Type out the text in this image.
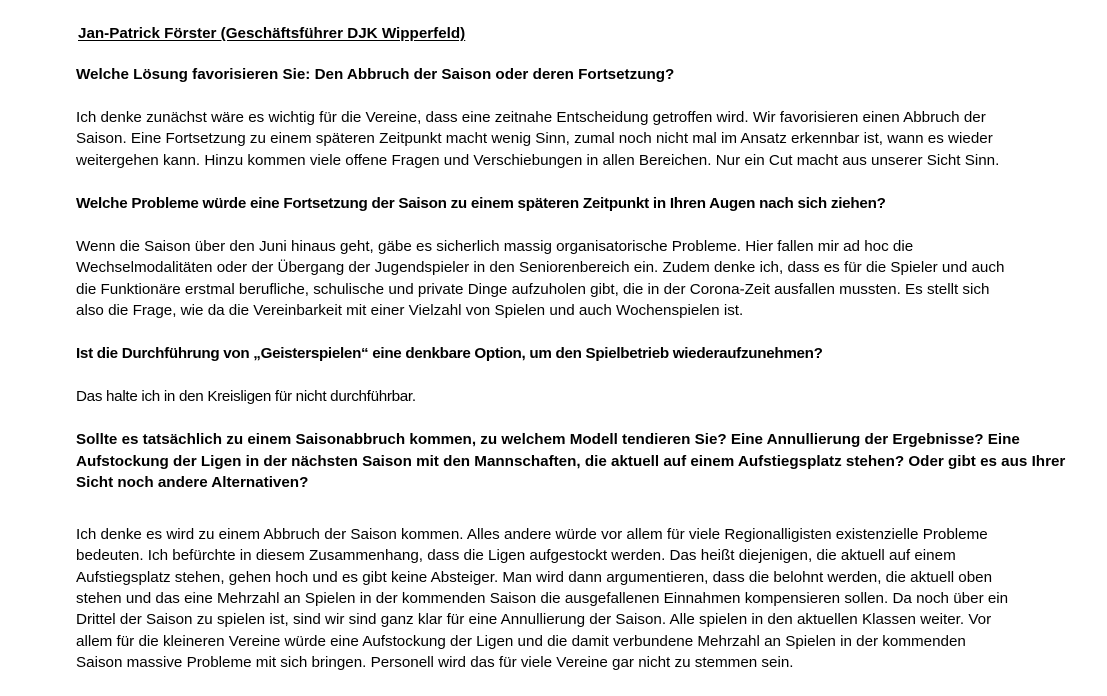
Jan-Patrick Förster (Geschäftsführer DJK Wipperfeld)
Welche Lösung favorisieren Sie: Den Abbruch der Saison oder deren Fortsetzung?
Ich denke zunächst wäre es wichtig für die Vereine, dass eine zeitnahe Entscheidung getroffen wird. Wir favorisieren einen Abbruch der
Saison. Eine Fortsetzung zu einem späteren Zeitpunkt macht wenig Sinn, zumal noch nicht mal im Ansatz erkennbar ist, wann es wieder
weitergehen kann. Hinzu kommen viele offene Fragen und Verschiebungen in allen Bereichen. Nur ein Cut macht aus unserer Sicht Sinn.
Welche Probleme würde eine Fortsetzung der Saison zu einem späteren Zeitpunkt in Ihren Augen nach sich ziehen?
Wenn die Saison über den Juni hinaus geht, gäbe es sicherlich massig organisatorische Probleme. Hier fallen mir ad hoc die
Wechselmodalitäten oder der Übergang der Jugendspieler in den Seniorenbereich ein. Zudem denke ich, dass es für die Spieler und auch
die Funktionäre erstmal berufliche, schulische und private Dinge aufzuholen gibt, die in der Corona-Zeit ausfallen mussten. Es stellt sich
also die Frage, wie da die Vereinbarkeit mit einer Vielzahl von Spielen und auch Wochenspielen ist.
Ist die Durchführung von „Geisterspielen“ eine denkbare Option, um den Spielbetrieb wiederaufzunehmen?
Das halte ich in den Kreisligen für nicht durchführbar.
Sollte es tatsächlich zu einem Saisonabbruch kommen, zu welchem Modell tendieren Sie? Eine Annullierung der Ergebnisse? Eine
Aufstockung der Ligen in der nächsten Saison mit den Mannschaften, die aktuell auf einem Aufstiegsplatz stehen? Oder gibt es aus Ihrer
Sicht noch andere Alternativen?
Ich denke es wird zu einem Abbruch der Saison kommen. Alles andere würde vor allem für viele Regionalligisten existenzielle Probleme
bedeuten. Ich befürchte in diesem Zusammenhang, dass die Ligen aufgestockt werden. Das heißt diejenigen, die aktuell auf einem
Aufstiegsplatz stehen, gehen hoch und es gibt keine Absteiger. Man wird dann argumentieren, dass die belohnt werden, die aktuell oben
stehen und das eine Mehrzahl an Spielen in der kommenden Saison die ausgefallenen Einnahmen kompensieren sollen. Da noch über ein
Drittel der Saison zu spielen ist, sind wir sind ganz klar für eine Annullierung der Saison. Alle spielen in den aktuellen Klassen weiter. Vor
allem für die kleineren Vereine würde eine Aufstockung der Ligen und die damit verbundene Mehrzahl an Spielen in der kommenden
Saison massive Probleme mit sich bringen. Personell wird das für viele Vereine gar nicht zu stemmen sein.
